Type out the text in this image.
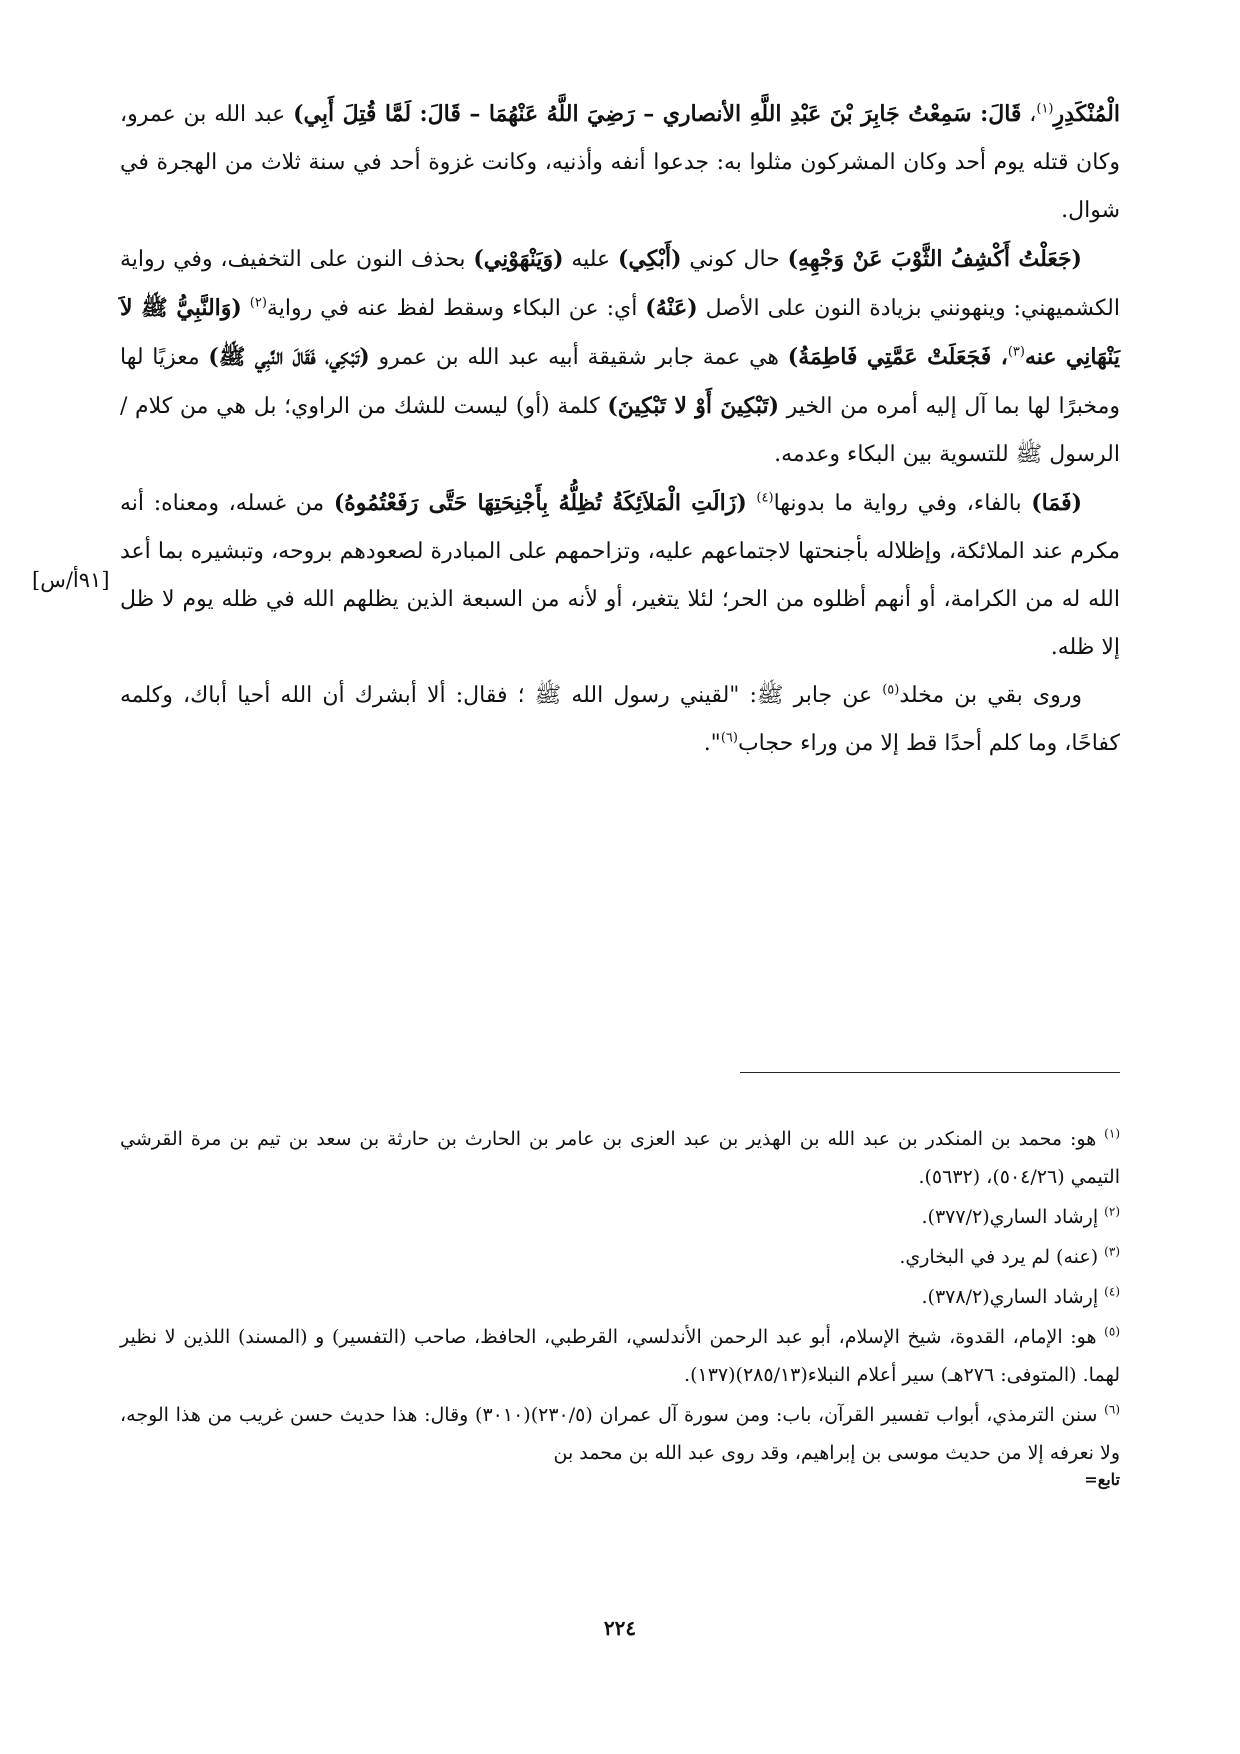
الْمُنْكَدِرِ$^{(١)}$، قَالَ: سَمِعْتُ جَابِرَ بْنَ عَبْدِ اللَّهِ الأنصاري – رَضِيَ اللَّهُ عَنْهُمَا – قَالَ: لَمَّا قُتِلَ أَبِي) عبد الله بن عمرو، وكان قتله يوم أحد وكان المشركون مثلوا به: جدعوا أنفه وأذنيه، وكانت غزوة أحد في سنة ثلاث من الهجرة في شوال.

(جَعَلْتُ أَكْشِفُ الثَّوْبَ عَنْ وَجْهِهِ) حال كوني (أَبْكِي) عليه (وَيَنْهَوْنِي) بحذف النون على التخفيف، وفي رواية الكشميهني: وينهونني بزيادة النون على الأصل (عَنْهُ) أي: عن البكاء وسقط لفظ عنه في رواية$^{(٢)}$ (وَالنَّبِيُّ ﷺ لاَ يَنْهَانِي عنه$^{(٣)}$، فَجَعَلَتْ عَمَّتِي فَاطِمَةُ) هي عمة جابر شقيقة أبيه عبد الله بن عمرو (تَبْكِي، فَقَالَ النَّبِي ﷺ) معزيًا لها ومخبرًا لها بما آل إليه أمره من الخير (تَبْكِينَ أَوْ لا تَبْكِينَ) كلمة (أو) ليست للشك من الراوي؛ بل هي من كلام /الرسول ﷺ للتسوية بين البكاء وعدمه.

(فَمَا) بالفاء، وفي رواية ما بدونها$^{(٤)}$ (زَالَتِ الْمَلاَئِكَةُ تُظِلُّهُ بِأَجْنِحَتِهَا حَتَّى رَفَعْتُمُوهُ) من غسله، ومعناه: أنه مكرم عند الملائكة، وإظلاله بأجنحتها لاجتماعهم عليه، وتزاحمهم على المبادرة لصعودهم بروحه، وتبشيره بما أعد الله له من الكرامة، أو أنهم أظلوه من الحر؛ لئلا يتغير، أو لأنه من السبعة الذين يظلهم الله في ظله يوم لا ظل إلا ظله.

وروى بقي بن مخلد$^{(٥)}$ عن جابر ﷺ: "لقيني رسول الله ﷺ ؛ فقال: ألا أبشرك أن الله أحيا أباك، وكلمه كفاحًا، وما كلم أحدًا قط إلا من وراء حجاب$^{(٦)}$".

[٩١أ/س]
$^{(١)}$ هو: محمد بن المنكدر بن عبد الله بن الهذير بن عبد العزى بن عامر بن الحارث بن حارثة بن سعد بن تيم بن مرة القرشي التيمي (٥٠٤/٢٦)، (٥٦٣٢).
$^{(٢)}$ إرشاد الساري(٣٧٧/٢).
$^{(٣)}$ (عنه) لم يرد في البخاري.
$^{(٤)}$ إرشاد الساري(٣٧٨/٢).
$^{(٥)}$ هو: الإمام، القدوة، شيخ الإسلام، أبو عبد الرحمن الأندلسي، القرطبي، الحافظ، صاحب (التفسير) و (المسند) اللذين لا نظير لهما. (المتوفى: ٢٧٦هـ) سير أعلام النبلاء(٢٨٥/١٣)(١٣٧).
$^{(٦)}$ سنن الترمذي، أبواب تفسير القرآن، باب: ومن سورة آل عمران (٢٣٠/٥)(٣٠١٠) وقال: هذا حديث حسن غريب من هذا الوجه، ولا نعرفه إلا من حديث موسى بن إبراهيم، وقد روى عبد الله بن محمد بن
تابع=
٢٢٤
